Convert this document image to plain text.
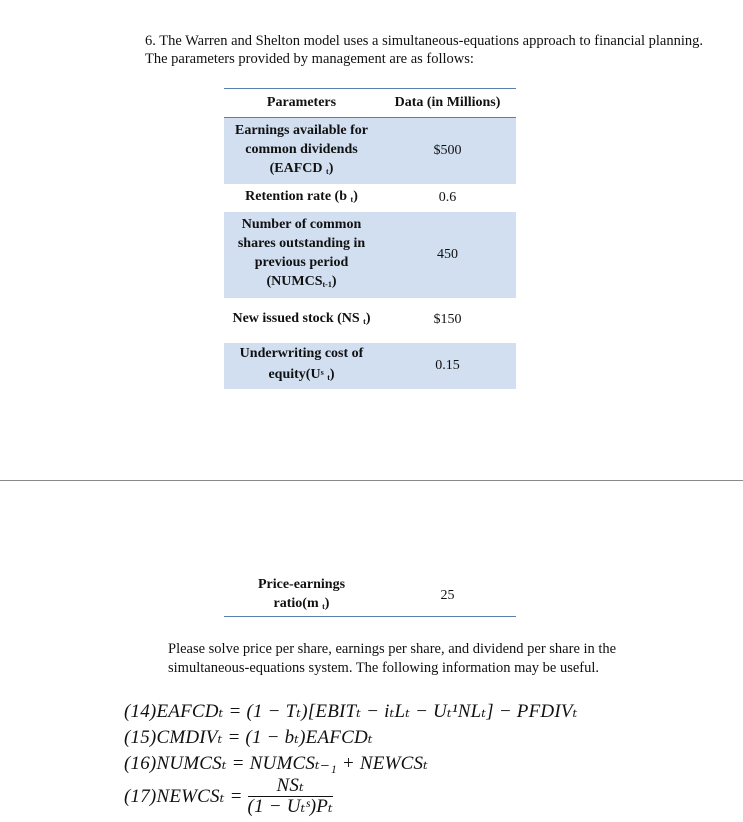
6. The Warren and Shelton model uses a simultaneous-equations approach to financial planning. The parameters provided by management are as follows:

Parameters	Data (in Millions)
Earnings available for common dividends (EAFCD $_t$)	$500

Retention rate (b $_t$)	0.6
Number of common shares outstanding in previous period $(NUMCS_{t-1})$	450
New issued stock (NS $_t$)	$150
Underwriting cost of $equity(U^s$ $_t$)	0.15
Price-earnings ratio(m $_t$)	25

Please solve price per share, earnings per share, and dividend per share in the simultaneous-equations system. The following information may be useful.

(14)EAFCDₜ = (1 − Tₜ)[EBITₜ − iₜLₜ − Uₜ¹NLₜ] − PFDIVₜ
(15)CMDIVₜ = (1 − bₜ)EAFCDₜ
(16)NUMCSₜ = NUMCSₜ₋₁ + NEWCSₜ
(17)NEWCSₜ = $\frac{\text{NSₜ}}{\text{(1 − Uₜˢ)Pₜ}}$
